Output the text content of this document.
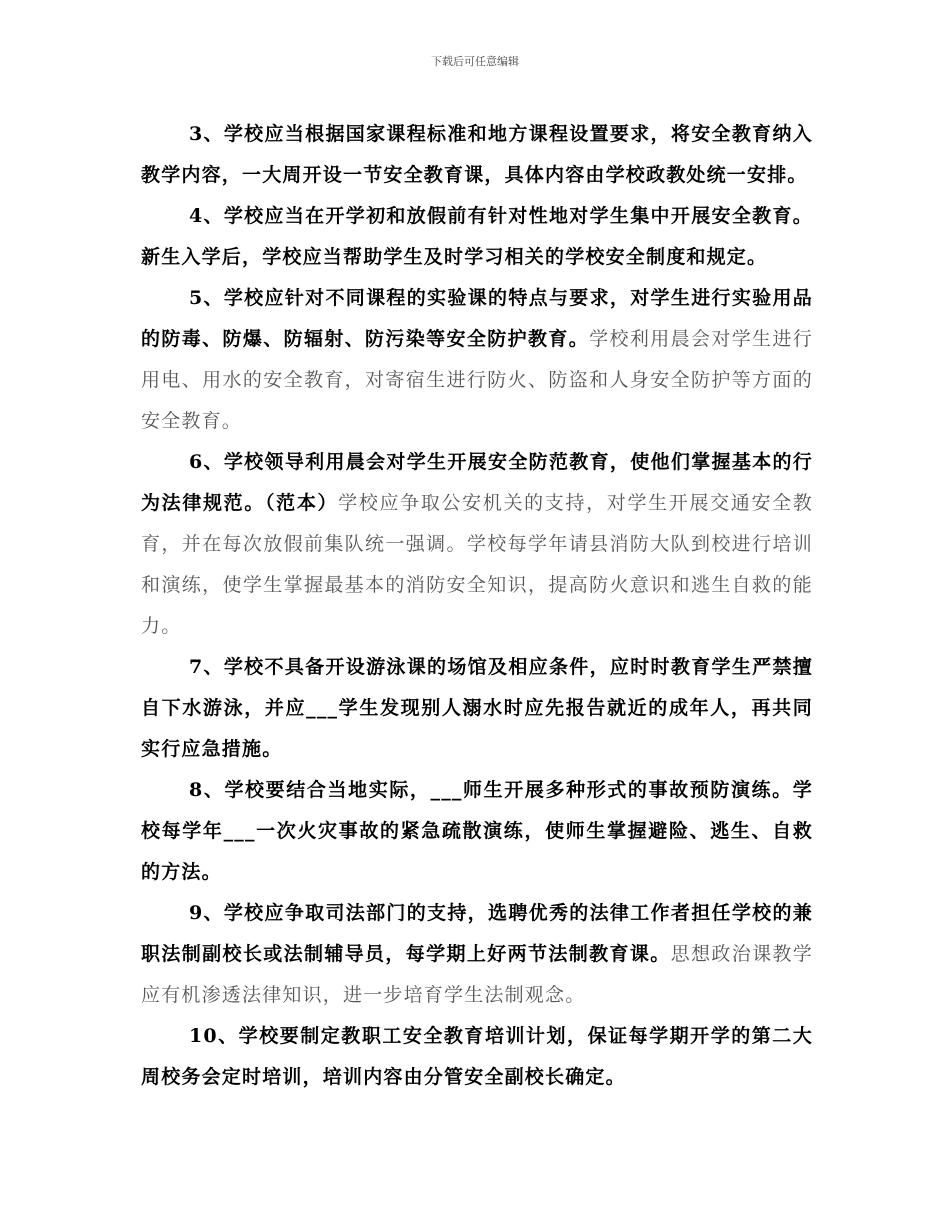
下载后可任意编辑

3、学校应当根据国家课程标准和地方课程设置要求，将安全教育纳入教学内容，一大周开设一节安全教育课，具体内容由学校政教处统一安排。

4、学校应当在开学初和放假前有针对性地对学生集中开展安全教育。新生入学后，学校应当帮助学生及时学习相关的学校安全制度和规定。

5、学校应针对不同课程的实验课的特点与要求，对学生进行实验用品的防毒、防爆、防辐射、防污染等安全防护教育。学校利用晨会对学生进行用电、用水的安全教育，对寄宿生进行防火、防盗和人身安全防护等方面的安全教育。

6、学校领导利用晨会对学生开展安全防范教育，使他们掌握基本的行为法律规范。（范本）学校应争取公安机关的支持，对学生开展交通安全教育，并在每次放假前集队统一强调。学校每学年请县消防大队到校进行培训和演练，使学生掌握最基本的消防安全知识，提高防火意识和逃生自救的能力。

7、学校不具备开设游泳课的场馆及相应条件，应时时教育学生严禁擅自下水游泳，并应___学生发现别人溺水时应先报告就近的成年人，再共同实行应急措施。

8、学校要结合当地实际，___师生开展多种形式的事故预防演练。学校每学年___一次火灾事故的紧急疏散演练，使师生掌握避险、逃生、自救的方法。

9、学校应争取司法部门的支持，选聘优秀的法律工作者担任学校的兼职法制副校长或法制辅导员，每学期上好两节法制教育课。思想政治课教学应有机渗透法律知识，进一步培育学生法制观念。

10、学校要制定教职工安全教育培训计划，保证每学期开学的第二大周校务会定时培训，培训内容由分管安全副校长确定。
